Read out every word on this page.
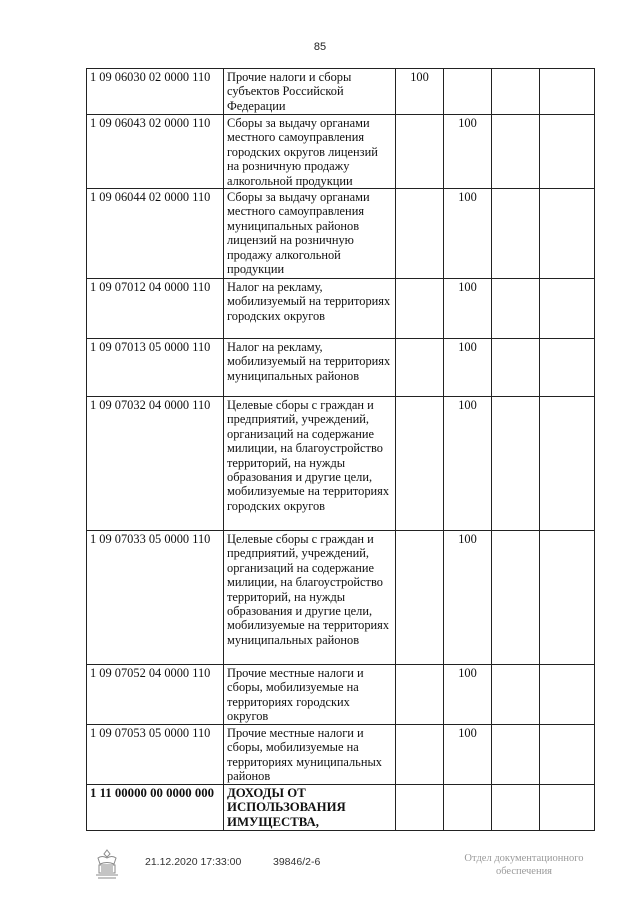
85
1 09 06030 02 0000 110	Прочие налоги и сборы субъектов Российской Федерации	100			
1 09 06043 02 0000 110	Сборы за выдачу органами местного самоуправления городских округов лицензий на розничную продажу алкогольной продукции		100		
1 09 06044 02 0000 110	Сборы за выдачу органами местного самоуправления муниципальных районов лицензий на розничную продажу алкогольной продукции		100		
1 09 07012 04 0000 110	Налог на рекламу, мобилизуемый на территориях городских округов		100		
1 09 07013 05 0000 110	Налог на рекламу, мобилизуемый на территориях муниципальных районов		100		
1 09 07032 04 0000 110	Целевые сборы с граждан и предприятий, учреждений, организаций на содержание милиции, на благоустройство территорий, на нужды образования и другие цели, мобилизуемые на территориях городских округов		100		
1 09 07033 05 0000 110	Целевые сборы с граждан и предприятий, учреждений, организаций на содержание милиции, на благоустройство территорий, на нужды образования и другие цели, мобилизуемые на территориях муниципальных районов		100		
1 09 07052 04 0000 110	Прочие местные налоги и сборы, мобилизуемые на территориях городских округов		100		
1 09 07053 05 0000 110	Прочие местные налоги и сборы, мобилизуемые на территориях муниципальных районов		100		
1 11 00000 00 0000 000	ДОХОДЫ ОТ ИСПОЛЬЗОВАНИЯ ИМУЩЕСТВА,				
21.12.2020 17:33:00	39846/2-6	Отдел документационного
обеспечения
